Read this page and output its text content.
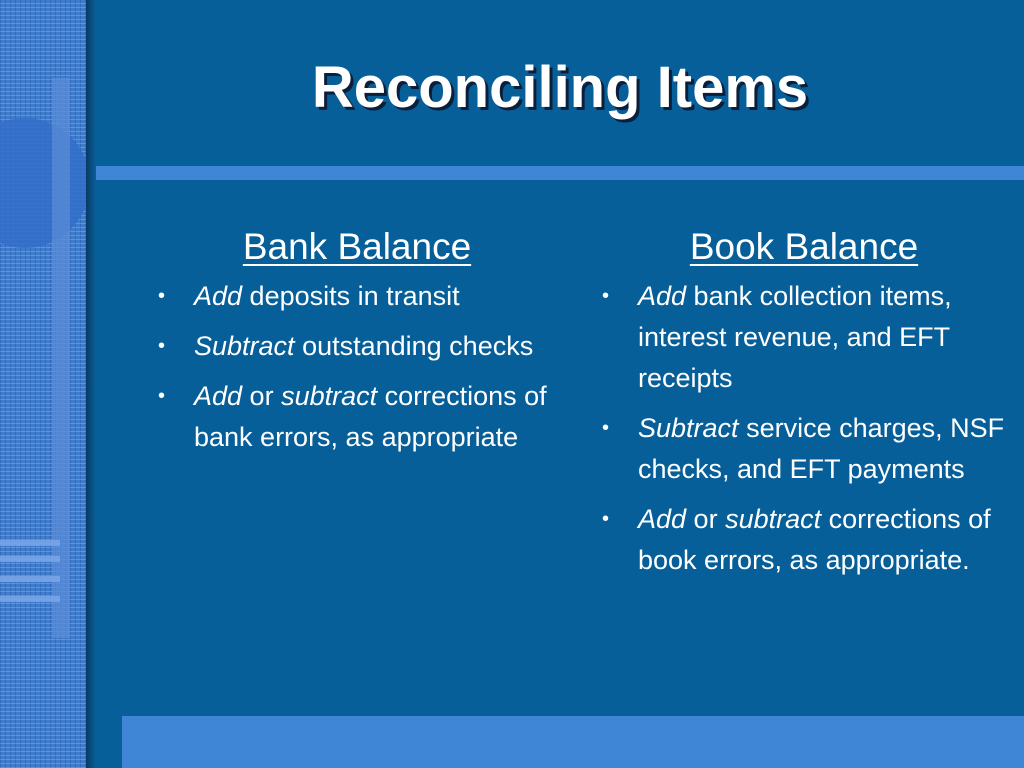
Reconciling Items
Bank Balance
• Add deposits in transit
• Subtract outstanding checks
• Add or subtract corrections of bank errors, as appropriate
Book Balance
• Add bank collection items, interest revenue, and EFT receipts
• Subtract service charges, NSF checks, and EFT payments
• Add or subtract corrections of book errors, as appropriate.
